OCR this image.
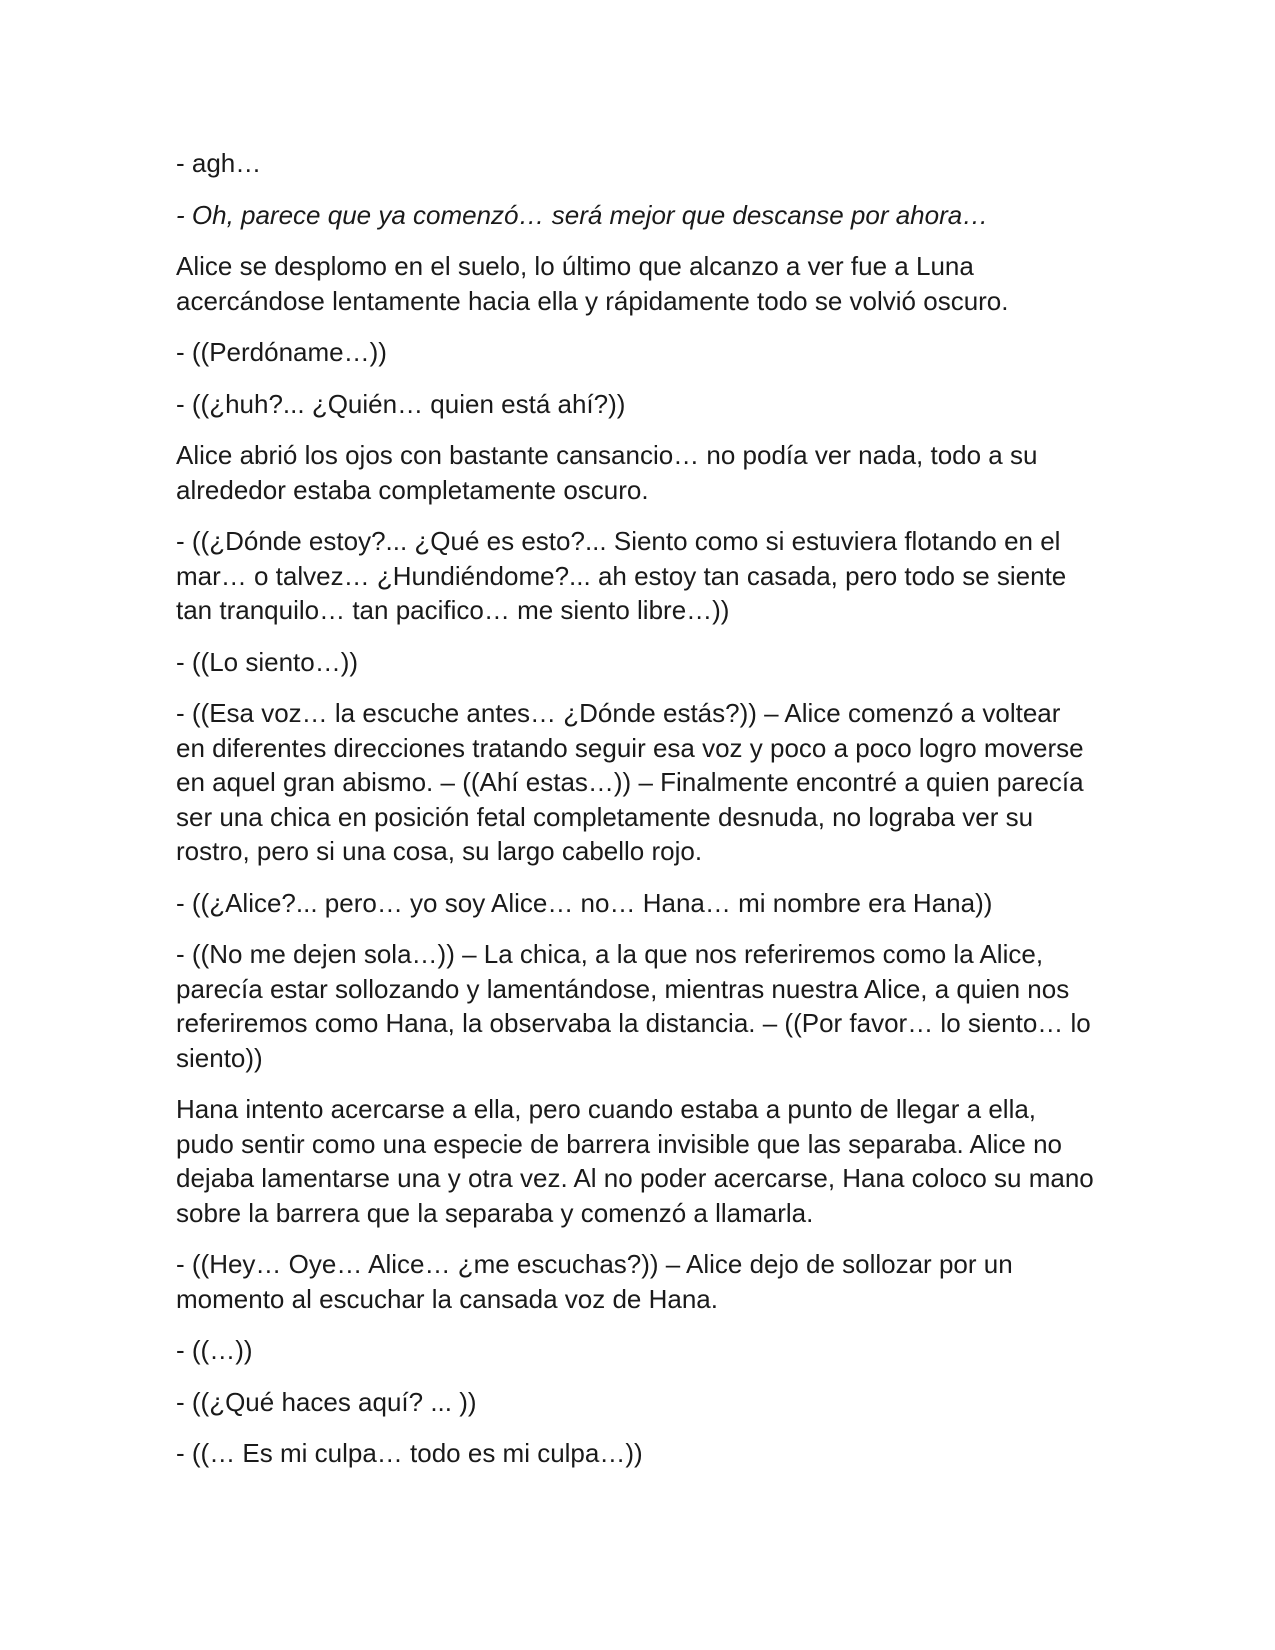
- agh…

- Oh, parece que ya comenzó… será mejor que descanse por ahora…

Alice se desplomo en el suelo, lo último que alcanzo a ver fue a Luna acercándose lentamente hacia ella y rápidamente todo se volvió oscuro.

- ((Perdóname…))

- ((¿huh?... ¿Quién… quien está ahí?))

Alice abrió los ojos con bastante cansancio… no podía ver nada, todo a su alrededor estaba completamente oscuro.

- ((¿Dónde estoy?... ¿Qué es esto?... Siento como si estuviera flotando en el mar… o talvez… ¿Hundiéndome?... ah estoy tan casada, pero todo se siente tan tranquilo… tan pacifico… me siento libre…))

- ((Lo siento…))

- ((Esa voz… la escuche antes… ¿Dónde estás?)) – Alice comenzó a voltear en diferentes direcciones tratando seguir esa voz y poco a poco logro moverse en aquel gran abismo. – ((Ahí estas…)) – Finalmente encontré a quien parecía ser una chica en posición fetal completamente desnuda, no lograba ver su rostro, pero si una cosa, su largo cabello rojo.

- ((¿Alice?... pero… yo soy Alice… no… Hana… mi nombre era Hana))

- ((No me dejen sola…)) – La chica, a la que nos referiremos como la Alice, parecía estar sollozando y lamentándose, mientras nuestra Alice, a quien nos referiremos como Hana, la observaba la distancia. – ((Por favor… lo siento… lo siento))

Hana intento acercarse a ella, pero cuando estaba a punto de llegar a ella, pudo sentir como una especie de barrera invisible que las separaba. Alice no dejaba lamentarse una y otra vez. Al no poder acercarse, Hana coloco su mano sobre la barrera que la separaba y comenzó a llamarla.

- ((Hey… Oye… Alice… ¿me escuchas?)) – Alice dejo de sollozar por un momento al escuchar la cansada voz de Hana.

- ((…))

- ((¿Qué haces aquí? ... ))

- ((… Es mi culpa… todo es mi culpa…))
